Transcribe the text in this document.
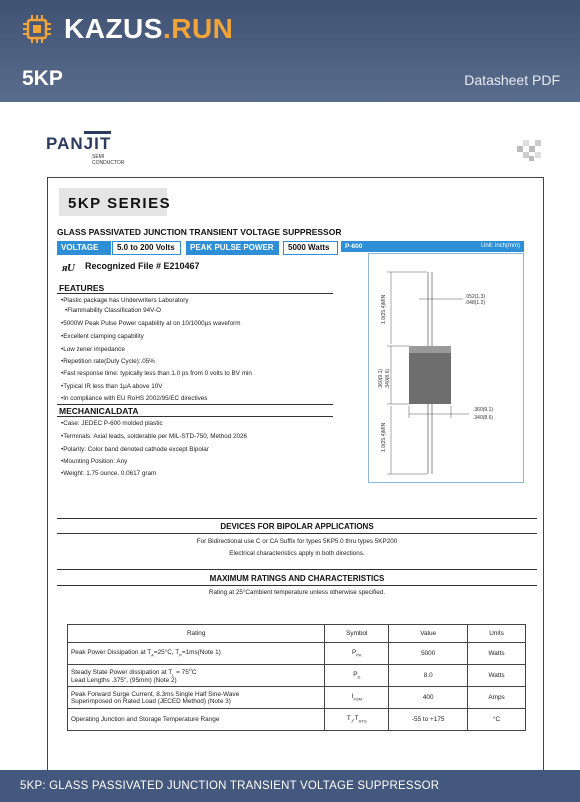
KAZUS.RUN
5KP	Datasheet PDF
PANJIT
SEMI
CONDUCTOR
5KP SERIES
GLASS PASSIVATED JUNCTION TRANSIENT VOLTAGE SUPPRESSOR
VOLTAGE	5.0 to 200 Volts	PEAK PULSE POWER	5000 Watts
ᴙ U Recognized File # E210467
P-600	Unit: inch(mm)
1.0(25.4)MIN
.360(9.1) .340(8.6)
1.0(25.4)MIN
.052(1.3)
.048(1.2)
.360(9.1)
.340(8.6)
FEATURES
• Plastic package has Underwriters Laboratory
• Flammability Classification 94V-O
• 5000W Peak Pulse Power capability at on 10/1000µs waveform
• Excellent clamping capability
• Low zener impedance
• Repetition rate(Duty Cycle):.05%
• Fast response time: typically less than 1.0 ps from 0 volts to BV min
• Typical IR less than 1µA above 10V
• In compliance with EU RoHS 2002/95/EC directives
MECHANICALDATA
• Case: JEDEC P-600 molded plastic
• Terminals: Axial leads, solderable per MIL-STD-750, Method 2026
• Polarity: Color band denoted cathode except Bipolar
• Mounting Position: Any
• Weight: 1.75 ounce, 0.0617 gram
DEVICES FOR BIPOLAR APPLICATIONS
For Bidirectional use C or CA Suffix for types 5KP5.0 thru types 5KP200
Electrical characteristics apply in both directions.
MAXIMUM RATINGS AND CHARACTERISTICS
Rating at 25°Cambient temperature unless otherwise specified.
Rating	Symbol	Value	Units
Peak Power Dissipation at $T_A=25^\circ C$, $T_P=1ms(Note$ 1)	$P_{PK}$	5000	Watts

Steady State Power dissipation at $T_L = 75^OC$
Lead Lengths .375", (95mm) (Note 2)	$P_D$	8.0	Watts

Peak Forward Surge Current, 8.3ms Single Half Sine-Wave
Superimposed on Rated Load (JECED Method) (Note 3)	$I_{FSM}$	400	Amps
Operating Junction and Storage Temperature Range	$T_J,T_{STG}$	-55 to +175	°C
5KP: GLASS PASSIVATED JUNCTION TRANSIENT VOLTAGE SUPPRESSOR
